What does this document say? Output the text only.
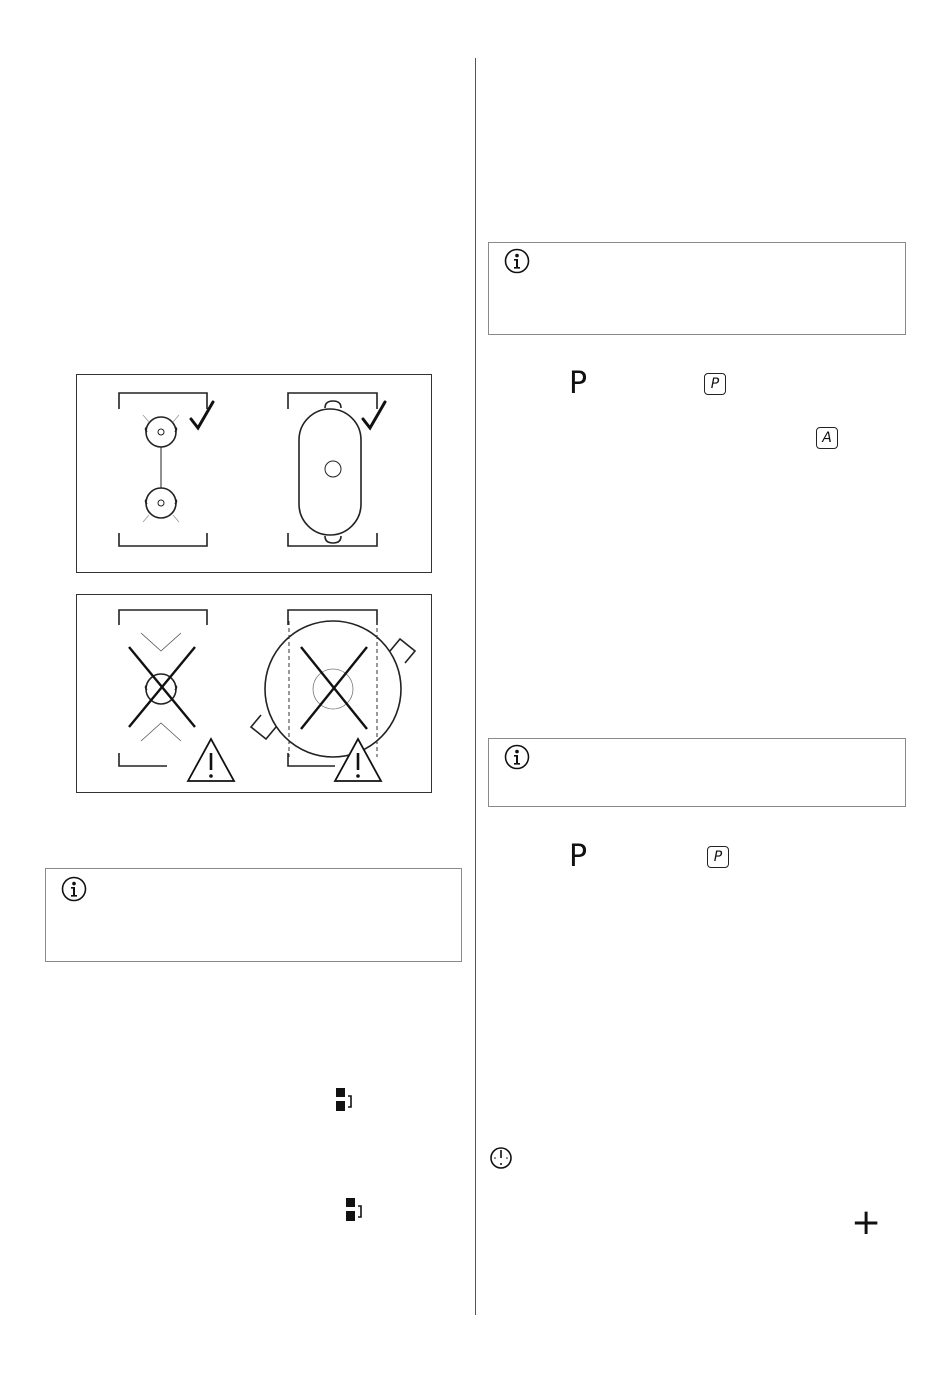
P	P
A
P	P
+
